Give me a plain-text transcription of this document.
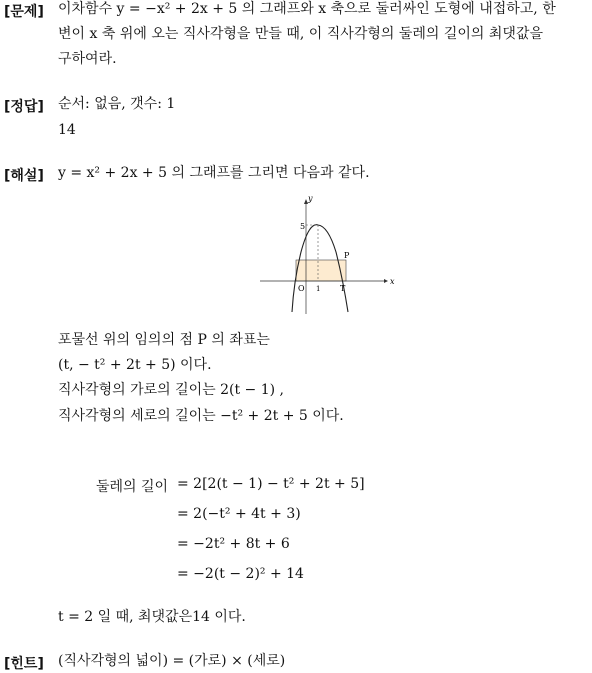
[문제] 이차함수 y = −x² + 2x + 5 의 그래프와 x 축으로 둘러싸인 도형에 내접하고, 한
변이 x 축 위에 오는 직사각형을 만들 때, 이 직사각형의 둘레의 길이의 최댓값을
구하여라.
[정답] 순서: 없음, 갯수: 1
14
[해설] y = x² + 2x + 5 의 그래프를 그리면 다음과 같다.
y
x
O
5
1 T
P
포물선 위의 임의의 점 P 의 좌표는
(t, − t² + 2t + 5) 이다.
직사각형의 가로의 길이는 2(t − 1) ,
직사각형의 세로의 길이는 −t² + 2t + 5 이다.
둘레의 길이 = 2[2(t − 1) − t² + 2t + 5]
= 2(−t² + 4t + 3)
= −2t² + 8t + 6
= −2(t − 2)² + 14
t = 2 일 때, 최댓값은14 이다.
[힌트] (직사각형의 넓이) = (가로) × (세로)
